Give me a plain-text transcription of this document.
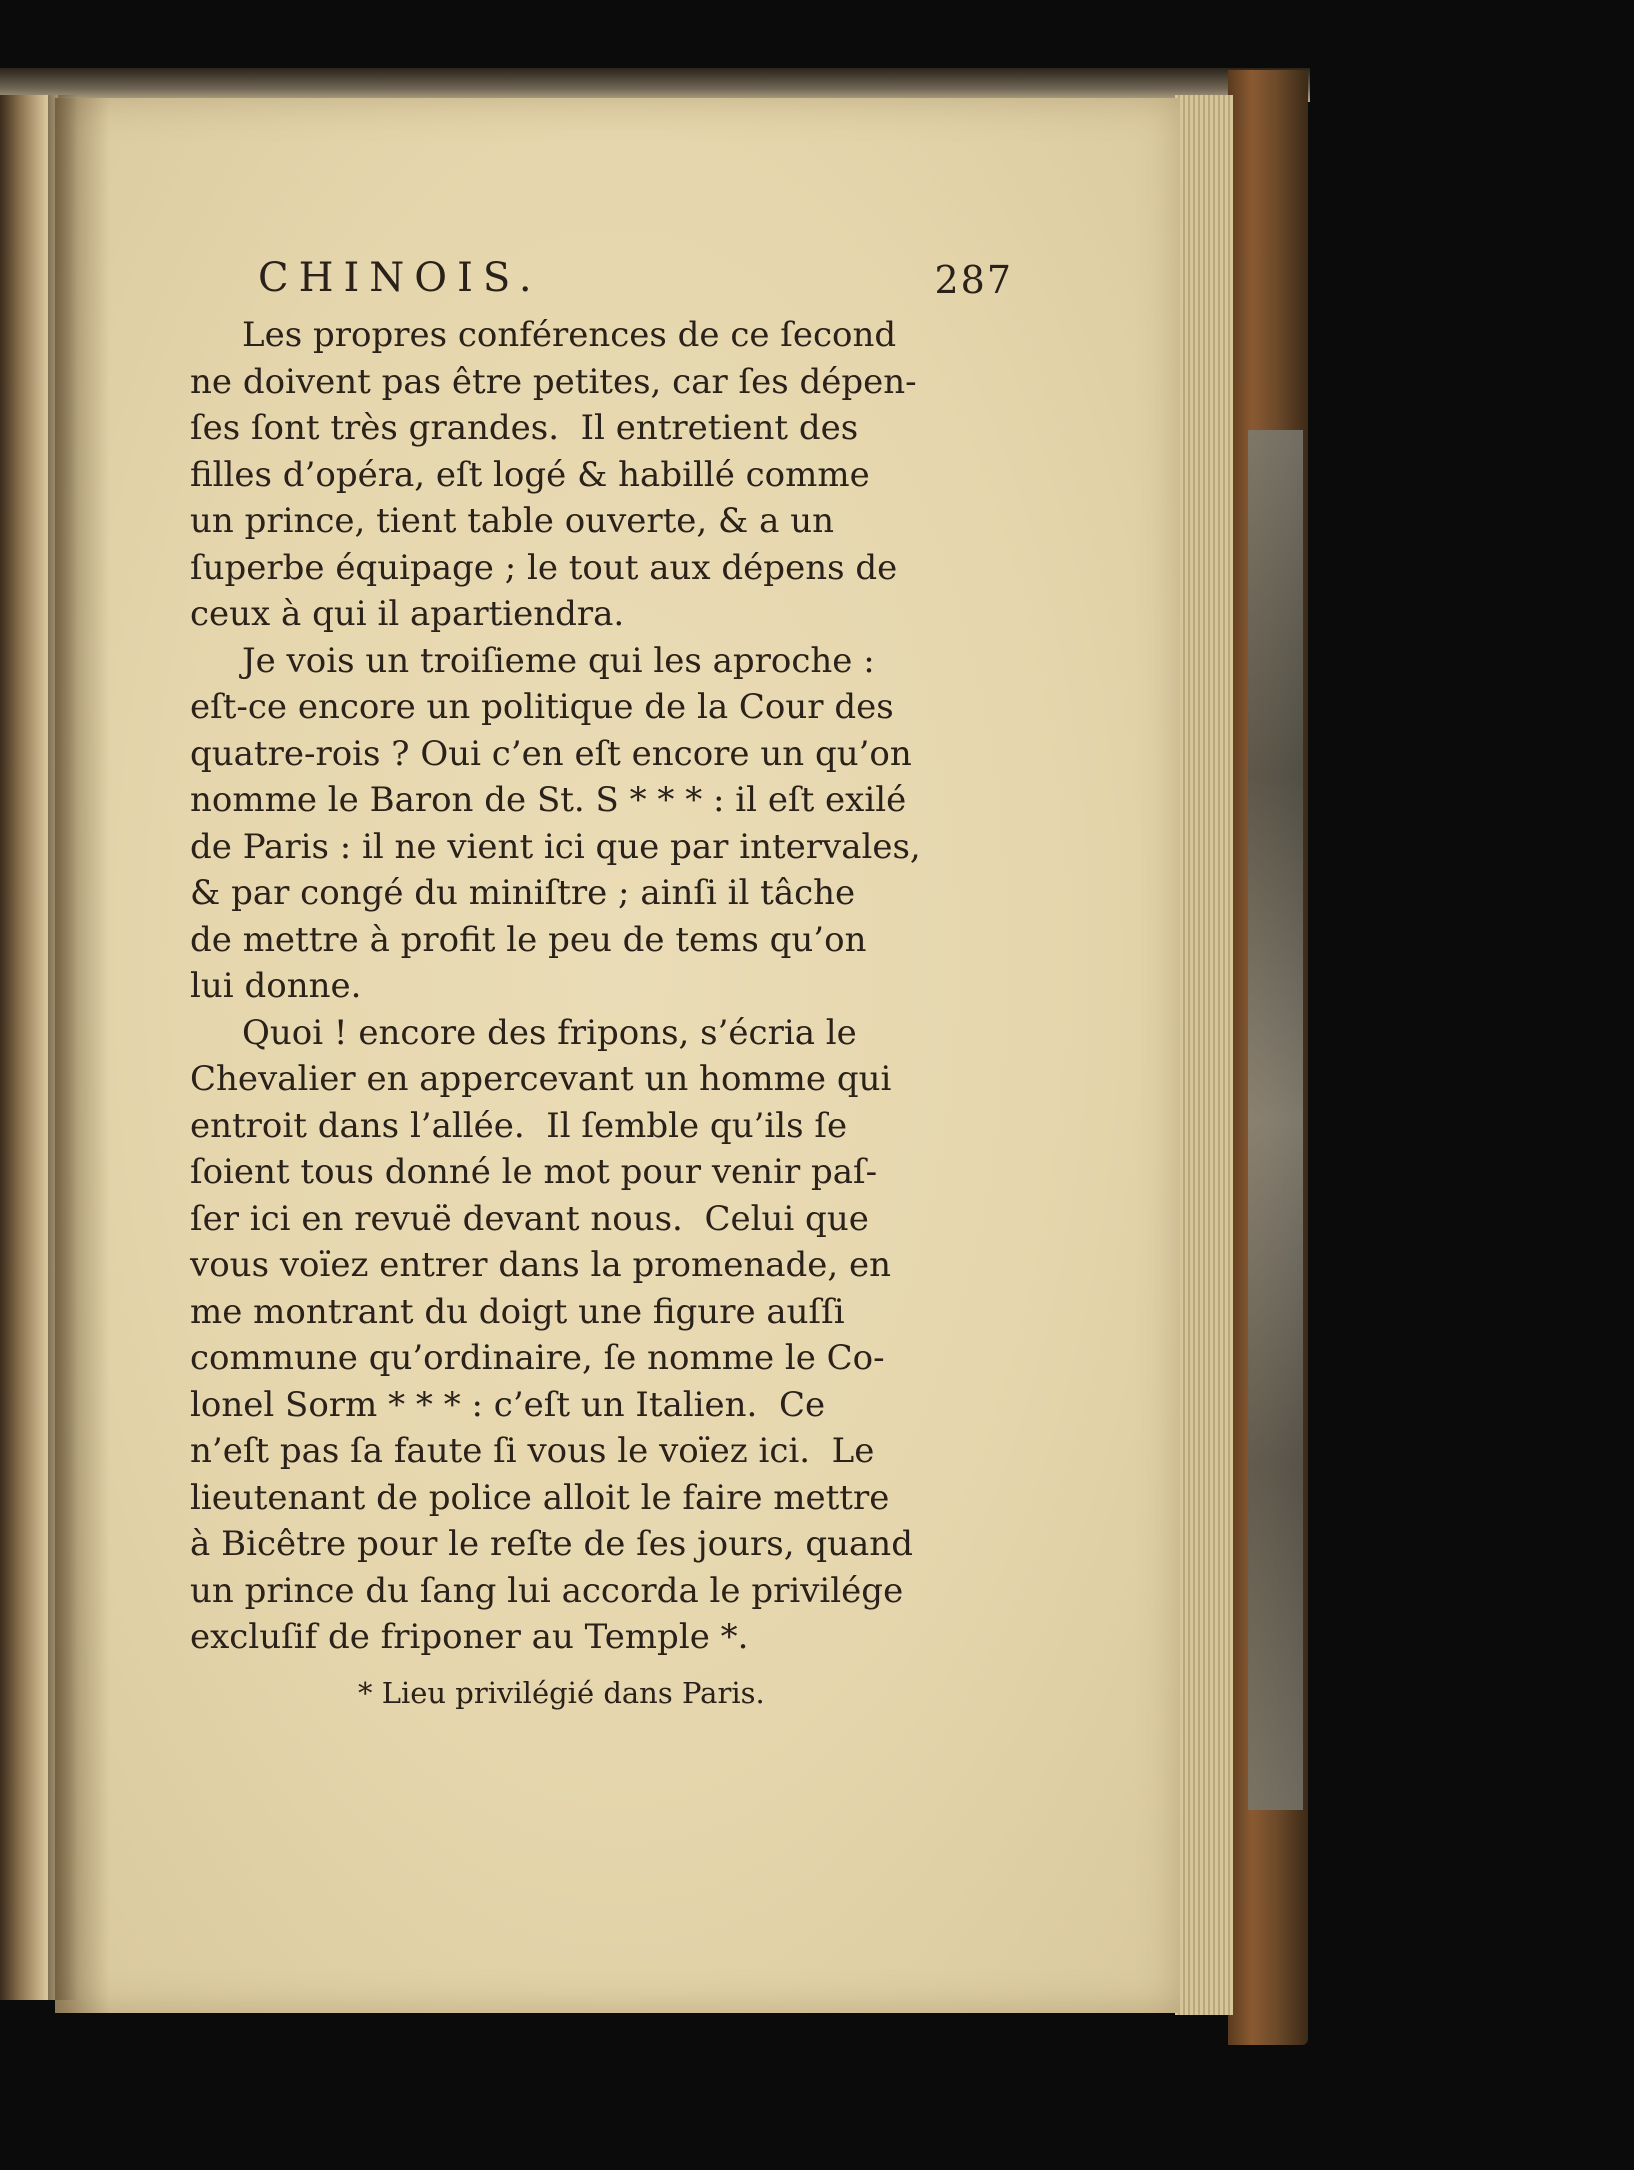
CHINOIS.	287
Les propres conférences de ce ſecond
ne doivent pas être petites, car ſes dépen-
ſes ſont très grandes.  Il entretient des
filles d’opéra, eſt logé & habillé comme
un prince, tient table ouverte, & a un
ſuperbe équipage ; le tout aux dépens de
ceux à qui il apartiendra.
Je vois un troiſieme qui les aproche :
eſt-ce encore un politique de la Cour des
quatre-rois ? Oui c’en eſt encore un qu’on
nomme le Baron de St. S * * * : il eſt exilé
de Paris : il ne vient ici que par intervales,
& par congé du miniſtre ; ainſi il tâche
de mettre à profit le peu de tems qu’on
lui donne.
Quoi ! encore des fripons, s’écria le
Chevalier en appercevant un homme qui
entroit dans l’allée.  Il ſemble qu’ils ſe
ſoient tous donné le mot pour venir paſ-
ſer ici en revuë devant nous.  Celui que
vous voïez entrer dans la promenade, en
me montrant du doigt une figure auſſi
commune qu’ordinaire, ſe nomme le Co-
lonel Sorm * * * : c’eſt un Italien.  Ce
n’eſt pas ſa faute ſi vous le voïez ici.  Le
lieutenant de police alloit le faire mettre
à Bicêtre pour le reſte de ſes jours, quand
un prince du ſang lui accorda le privilége
excluſif de friponer au Temple *.
* Lieu privilégié dans Paris.
